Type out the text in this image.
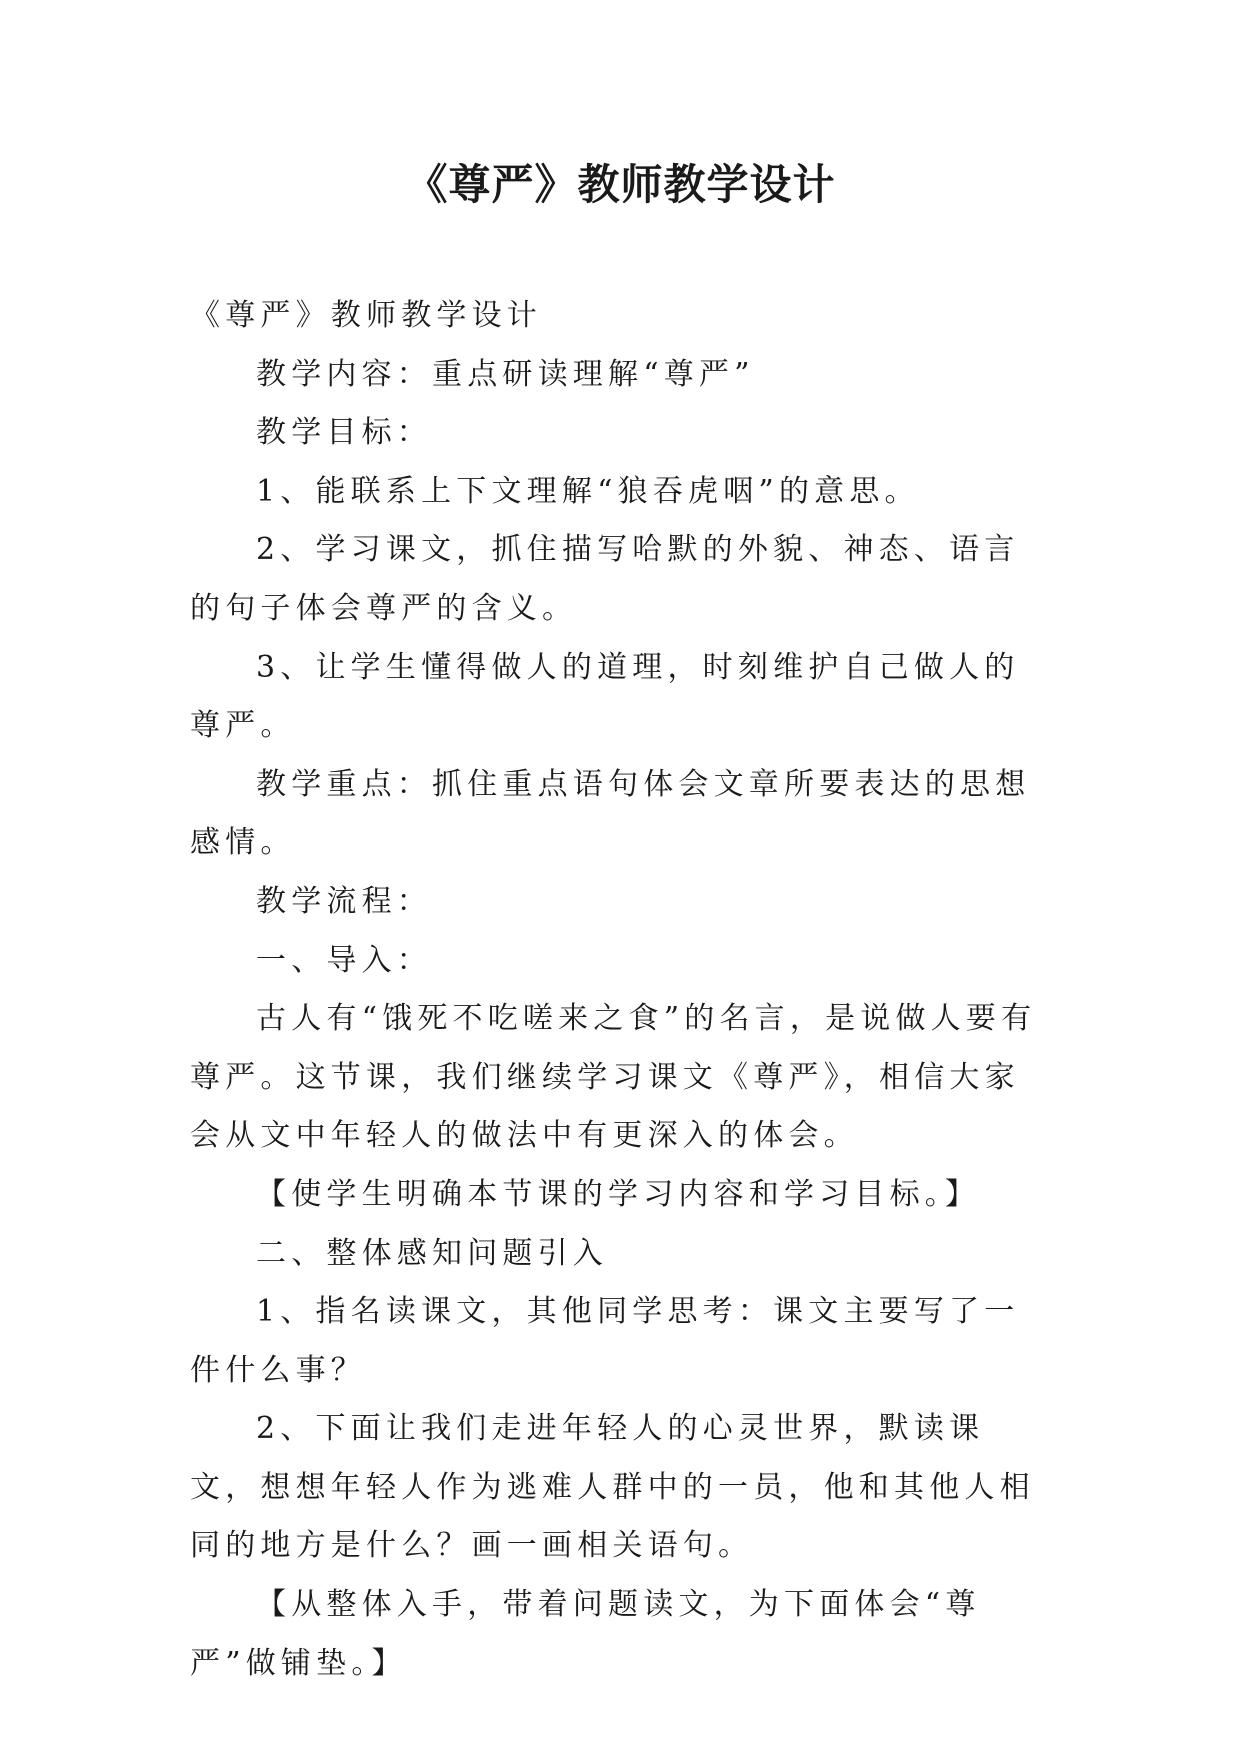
《尊严》教师教学设计

《尊严》教师教学设计

教学内容：重点研读理解“尊严”

教学目标：

1、能联系上下文理解“狼吞虎咽”的意思。

2、学习课文，抓住描写哈默的外貌、神态、语言的句子体会尊严的含义。

3、让学生懂得做人的道理，时刻维护自己做人的尊严。

教学重点：抓住重点语句体会文章所要表达的思想感情。

教学流程：

一、导入：

古人有“饿死不吃嗟来之食”的名言，是说做人要有尊严。这节课，我们继续学习课文《尊严》，相信大家会从文中年轻人的做法中有更深入的体会。

【使学生明确本节课的学习内容和学习目标。】

二、整体感知问题引入

1、指名读课文，其他同学思考：课文主要写了一件什么事？

2、下面让我们走进年轻人的心灵世界，默读课文，想想年轻人作为逃难人群中的一员，他和其他人相同的地方是什么？画一画相关语句。

【从整体入手，带着问题读文，为下面体会“尊严”做铺垫。】
